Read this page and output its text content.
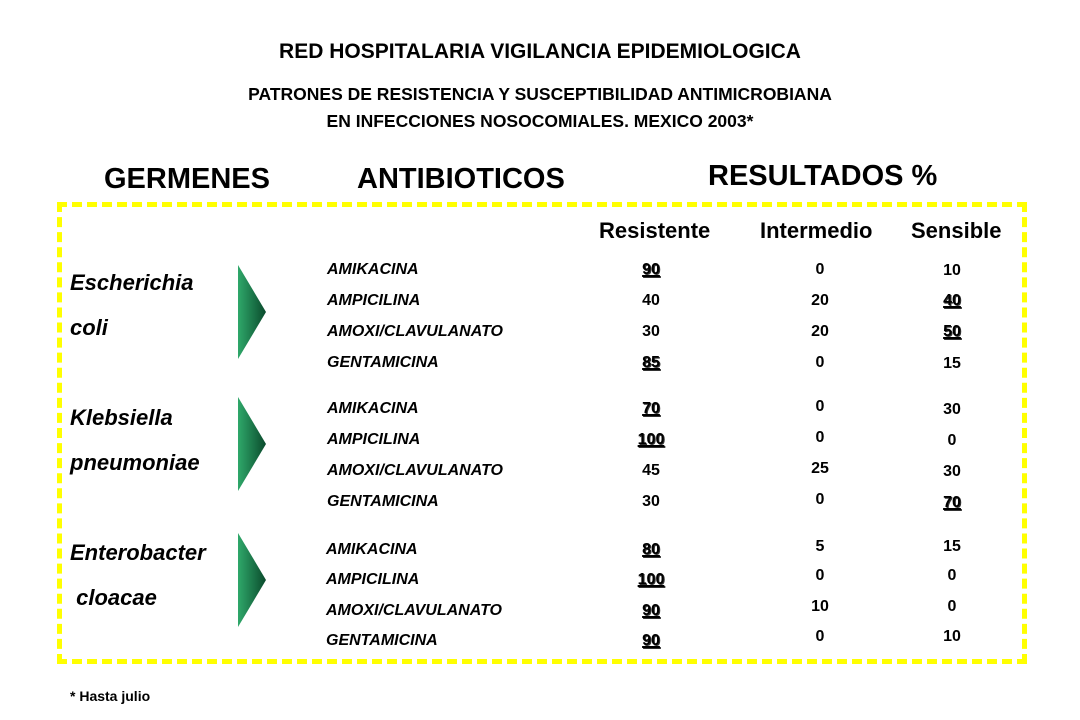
RED HOSPITALARIA VIGILANCIA EPIDEMIOLOGICA
PATRONES DE RESISTENCIA Y SUSCEPTIBILIDAD ANTIMICROBIANA
EN INFECCIONES NOSOCOMIALES. MEXICO 2003*
GERMENES	ANTIBIOTICOS	RESULTADOS %
Resistente Intermedio Sensible
Escherichia
coli
AMIKACINA	90	0	10
AMPICILINA	40	20	40
AMOXI/CLAVULANATO	30	20	50
GENTAMICINA	85	0	15
Klebsiella
pneumoniae
AMIKACINA	70	0	30
AMPICILINA	100	0	0
AMOXI/CLAVULANATO	45	25	30
GENTAMICINA	30	0	70
Enterobacter
cloacae
AMIKACINA	80	5	15
AMPICILINA	100	0	0
AMOXI/CLAVULANATO	90	10	0
GENTAMICINA	90	0	10
* Hasta julio
